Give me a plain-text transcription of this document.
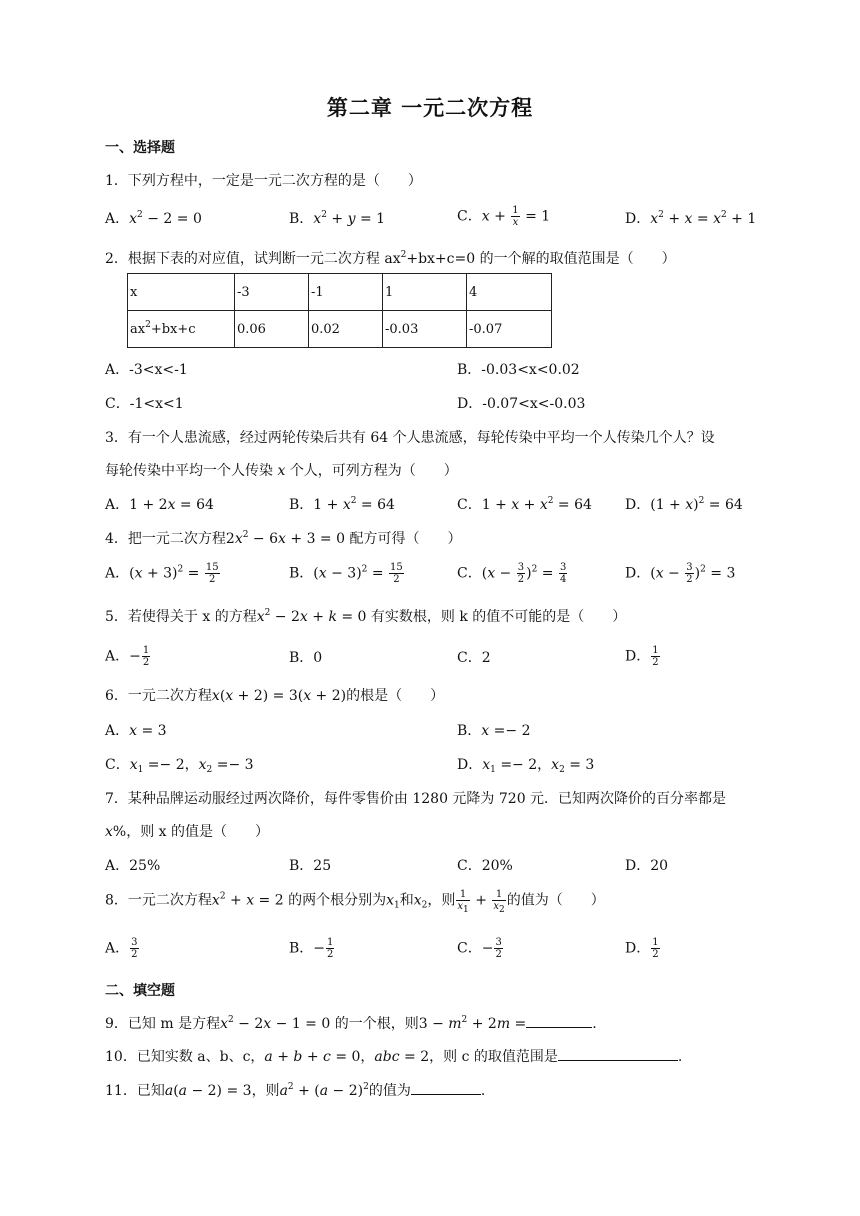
第二章 一元二次方程
一、选择题
1．下列方程中，一定是一元二次方程的是（　　）
A．$x^2 - 2 = 0$	B．$x^2 + y = 1$	C．$x + \frac{1}{x} = 1$	D．$x^2 + x = x^2 + 1$
2．根据下表的对应值，试判断一元二次方程 $ax^2+bx+c=0$ 的一个解的取值范围是（　　）
x	-3	-1	1	4
$ax^2+bx+c$	0.06	0.02	-0.03	-0.07
A．-3<x<-1	B．-0.03<x<0.02
C．-1<x<1	D．-0.07<x<-0.03
3．有一个人患流感，经过两轮传染后共有 64 个人患流感，每轮传染中平均一个人传染几个人？设
每轮传染中平均一个人传染 x 个人，可列方程为（　　）
A．1 + 2x = 64	B．$1 + x^2 = 64$	C．$1 + x + x^2 = 64$ D．$(1 + x)^2 = 64$
4．把一元二次方程$2x^2 - 6x + 3 = 0$ 配方可得（　　）
A．$(x + 3)^2 = \frac{15}{2}$	B．$(x - 3)^2 = \frac{15}{2}$	C．$(x - \frac{3}{2} )^2 = \frac{3}{4}$	D．$(x - \frac{3}{2} )^2 = 3$
5．若使得关于 x 的方程$x^2 - 2x + k = 0$ 有实数根，则 k 的值不可能的是（　　）
A．− $\frac{1}{2}$	B．0	C．2	D． $\frac{1}{2}$
6．一元二次方程x(x + 2) = 3(x + 2)的根是（　　）
A．x = 3	B．x =− 2
C．$x_1 =- 2$，$x_2 =- 3$	D．$x_1 =- 2$，$x_2 = 3$
7．某种品牌运动服经过两次降价，每件零售价由 1280 元降为 720 元．已知两次降价的百分率都是
x%，则 x 的值是（　　）
A．25%	B．25	C．20%	D．20
8．一元二次方程$x^2 + x = 2$ 的两个根分别为$x_1$和$x_2$，则 $\frac{1}{x_1} + \frac{1}{x_2}$ 的值为（　　）
A． $\frac{3}{2}$	B．− $\frac{1}{2}$	C．− $\frac{3}{2}$	D． $\frac{1}{2}$
二、填空题
9．已知 m 是方程$x^2 - 2x - 1 = 0$ 的一个根，则$3 - m^2 + 2m$ =	.
10．已知实数 a、b、c，a + b + c = 0，abc = 2，则 c 的取值范围是	.
11．已知a(a − 2) = 3，则$a^2 + (a - 2)^2$的值为	.
